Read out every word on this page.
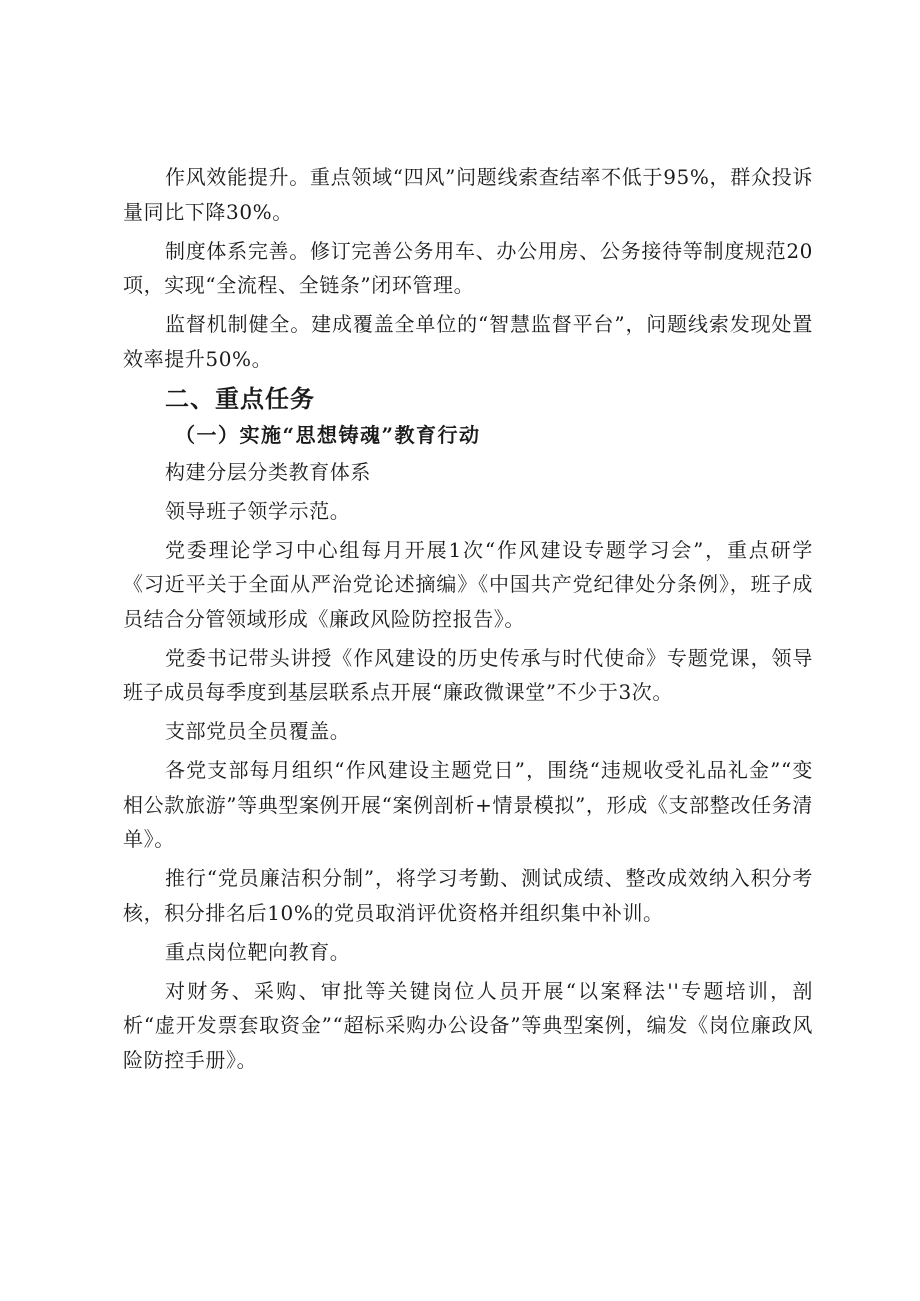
作风效能提升。重点领域“四风”问题线索查结率不低于95%，群众投诉量同比下降30%。

制度体系完善。修订完善公务用车、办公用房、公务接待等制度规范20项，实现“全流程、全链条”闭环管理。

监督机制健全。建成覆盖全单位的“智慧监督平台”，问题线索发现处置效率提升50%。

二、重点任务
（一）实施“思想铸魂”教育行动

构建分层分类教育体系

领导班子领学示范。

党委理论学习中心组每月开展1次“作风建设专题学习会”，重点研学《习近平关于全面从严治党论述摘编》《中国共产党纪律处分条例》，班子成员结合分管领域形成《廉政风险防控报告》。

党委书记带头讲授《作风建设的历史传承与时代使命》专题党课，领导班子成员每季度到基层联系点开展“廉政微课堂”不少于3次。

支部党员全员覆盖。

各党支部每月组织“作风建设主题党日”，围绕“违规收受礼品礼金”“变相公款旅游”等典型案例开展“案例剖析+情景模拟”，形成《支部整改任务清单》。

推行“党员廉洁积分制”，将学习考勤、测试成绩、整改成效纳入积分考核，积分排名后10%的党员取消评优资格并组织集中补训。

重点岗位靶向教育。

对财务、采购、审批等关键岗位人员开展“以案释法''专题培训，剖析“虚开发票套取资金”“超标采购办公设备”等典型案例，编发《岗位廉政风险防控手册》。
